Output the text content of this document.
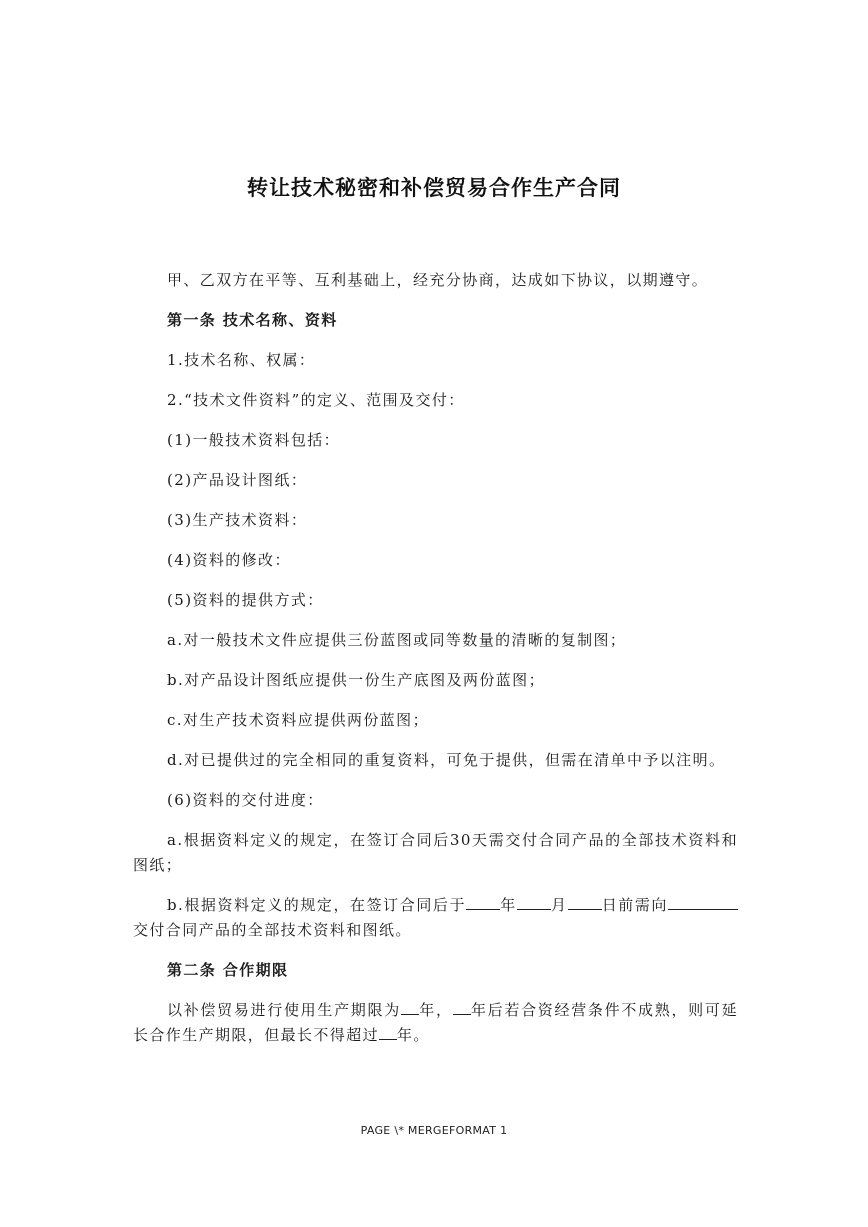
转让技术秘密和补偿贸易合作生产合同

甲、乙双方在平等、互利基础上，经充分协商，达成如下协议，以期遵守。

第一条 技术名称、资料

1.技术名称、权属：

2.“技术文件资料”的定义、范围及交付：

(1)一般技术资料包括：

(2)产品设计图纸：

(3)生产技术资料：

(4)资料的修改：

(5)资料的提供方式：

a.对一般技术文件应提供三份蓝图或同等数量的清晰的复制图；

b.对产品设计图纸应提供一份生产底图及两份蓝图；

c.对生产技术资料应提供两份蓝图；

d.对已提供过的完全相同的重复资料，可免于提供，但需在清单中予以注明。

(6)资料的交付进度：

a.根据资料定义的规定，在签订合同后30天需交付合同产品的全部技术资料和图纸；

b.根据资料定义的规定，在签订合同后于 年 月 日前需向交付合同产品的全部技术资料和图纸。

第二条 合作期限

以补偿贸易进行使用生产期限为 年， 年后若合资经营条件不成熟，则可延长合作生产期限，但最长不得超过 年。

PAGE \* MERGEFORMAT 1
